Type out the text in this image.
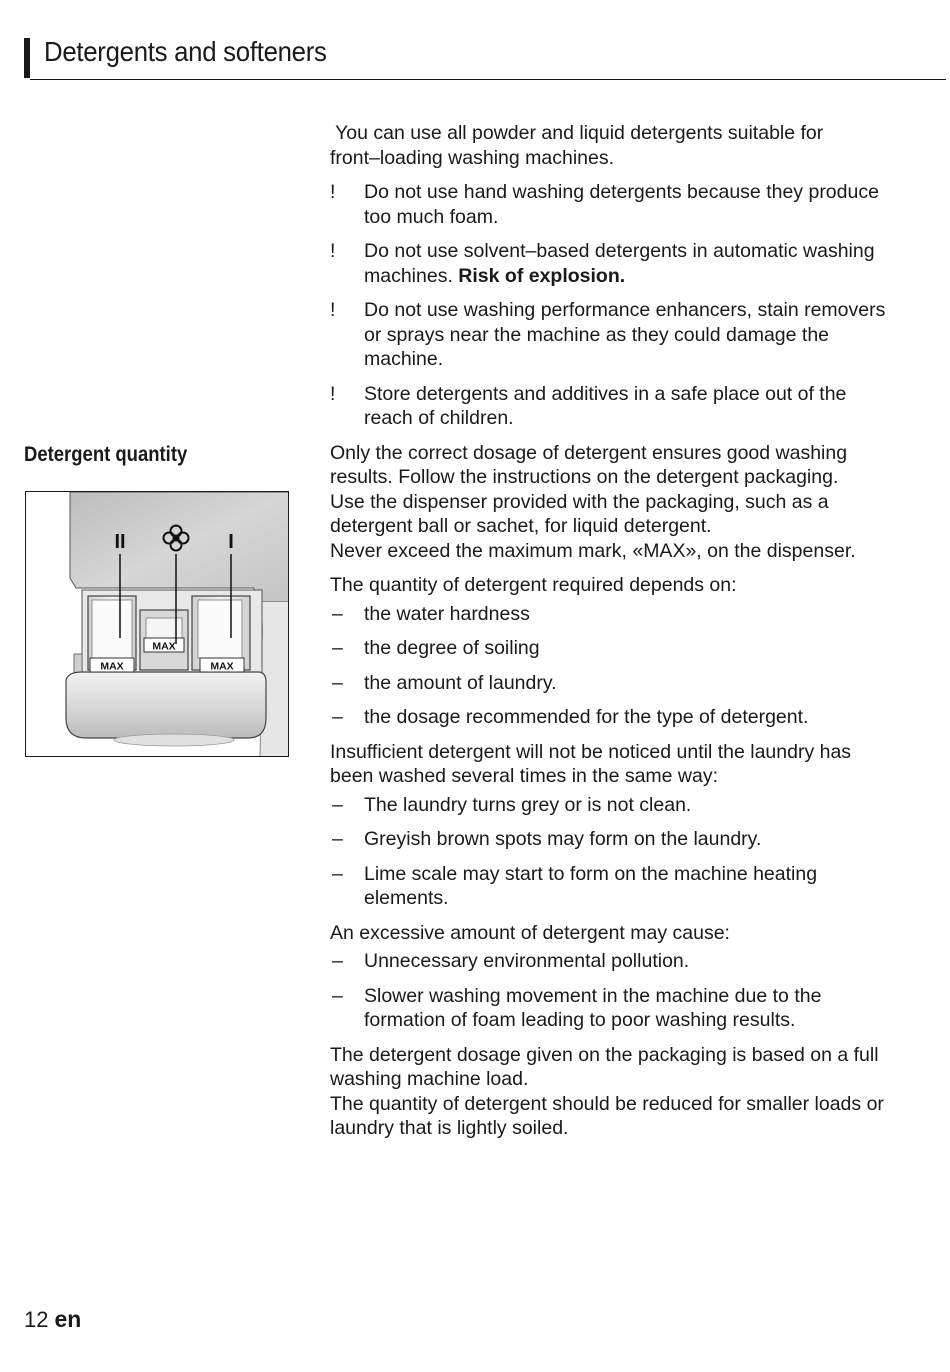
Detergents and softeners
Detergent quantity
MAX	MAX
MAX
II	I
You can use all powder and liquid detergents suitable for
front–loading washing machines.
! Do not use hand washing detergents because they produce
too much foam.
! Do not use solvent–based detergents in automatic washing
machines. Risk of explosion.
! Do not use washing performance enhancers, stain removers
or sprays near the machine as they could damage the
machine.
! Store detergents and additives in a safe place out of the
reach of children.
Only the correct dosage of detergent ensures good washing
results. Follow the instructions on the detergent packaging.
Use the dispenser provided with the packaging, such as a
detergent ball or sachet, for liquid detergent.
Never exceed the maximum mark, «MAX», on the dispenser.
The quantity of detergent required depends on:
– the water hardness
– the degree of soiling
– the amount of laundry.
– the dosage recommended for the type of detergent.
Insufficient detergent will not be noticed until the laundry has
been washed several times in the same way:
– The laundry turns grey or is not clean.
– Greyish brown spots may form on the laundry.
– Lime scale may start to form on the machine heating
elements.
An excessive amount of detergent may cause:
– Unnecessary environmental pollution.
– Slower washing movement in the machine due to the
formation of foam leading to poor washing results.
The detergent dosage given on the packaging is based on a full
washing machine load.
The quantity of detergent should be reduced for smaller loads or
laundry that is lightly soiled.
12 en
